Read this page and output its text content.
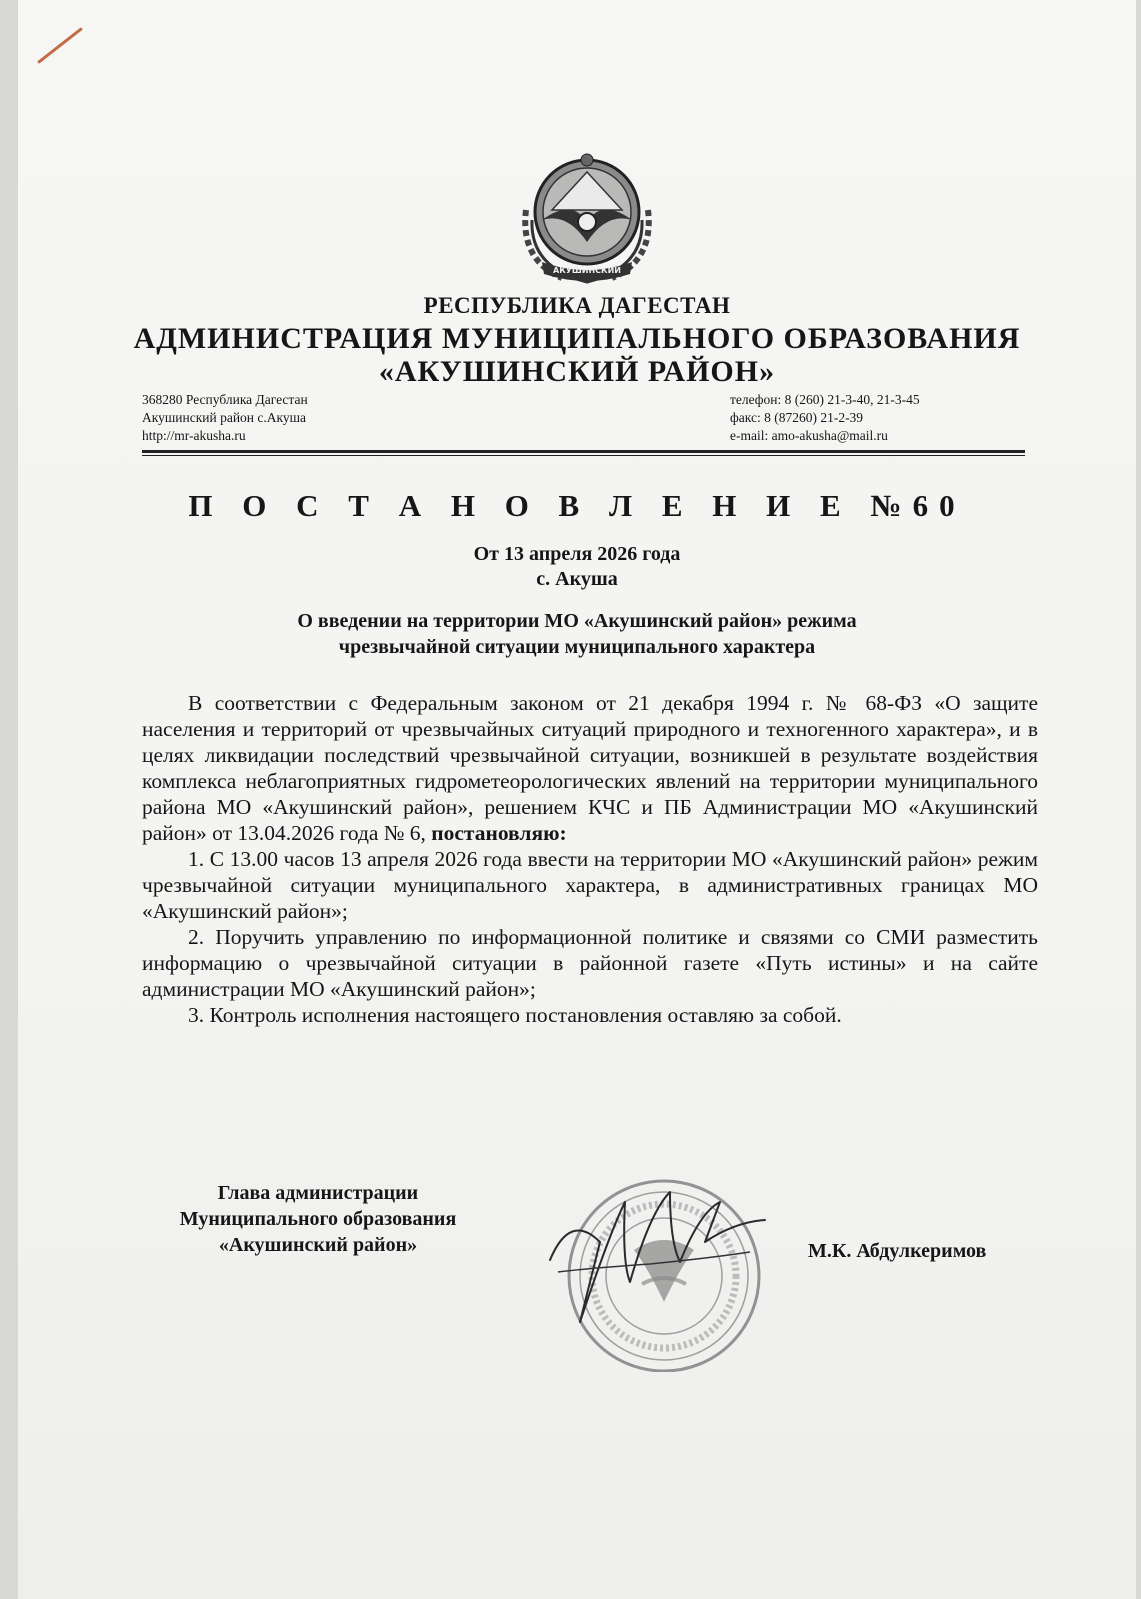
АКУШИНСКИЙ
РЕСПУБЛИКА ДАГЕСТАН
АДМИНИСТРАЦИЯ МУНИЦИПАЛЬНОГО ОБРАЗОВАНИЯ
«АКУШИНСКИЙ РАЙОН»
368280 Республика Дагестан
Акушинский район с.Акуша
http://mr-akusha.ru
телефон: 8 (260) 21-3-40, 21-3-45
факс: 8 (87260) 21-2-39
e-mail: amo-akusha@mail.ru
П О С Т А Н О В Л Е Н И Е №60
От 13 апреля 2026 года
с. Акуша
О введении на территории МО «Акушинский район» режима
чрезвычайной ситуации муниципального характера

В соответствии с Федеральным законом от 21 декабря 1994 г. № 68-ФЗ «О защите населения и территорий от чрезвычайных ситуаций природного и техногенного характера», и в целях ликвидации последствий чрезвычайной ситуации, возникшей в результате воздействия комплекса неблагоприятных гидрометеорологических явлений на территории муниципального района МО «Акушинский район», решением КЧС и ПБ Администрации МО «Акушинский район» от 13.04.2026 года № 6, постановляю:

1. С 13.00 часов 13 апреля 2026 года ввести на территории МО «Акушинский район» режим чрезвычайной ситуации муниципального характера, в административных границах МО «Акушинский район»;

2. Поручить управлению по информационной политике и связями со СМИ разместить информацию о чрезвычайной ситуации в районной газете «Путь истины» и на сайте администрации МО «Акушинский район»;

3. Контроль исполнения настоящего постановления оставляю за собой.

Глава администрации
Муниципального образования
«Акушинский район»	М.К. Абдулкеримов
